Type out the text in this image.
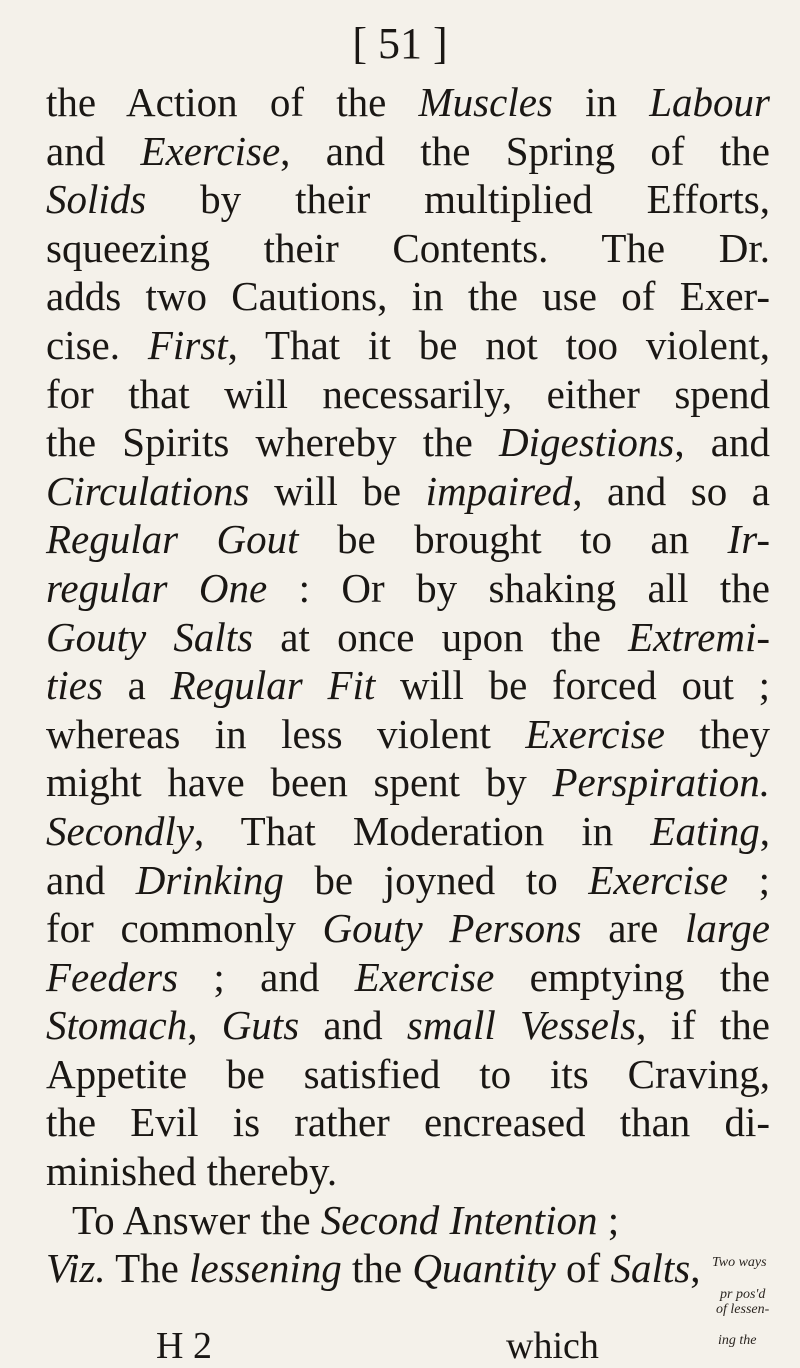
[ 51 ]
the Action of the Muscles in Labour
and Exercise, and the Spring of the
Solids by their multiplied Efforts,
squeezing their Contents. The Dr.
adds two Cautions, in the use of Exer-
cise. First, That it be not too violent,
for that will necessarily, either spend
the Spirits whereby the Digestions, and
Circulations will be impaired, and so a
Regular Gout be brought to an Ir-
regular One : Or by shaking all the
Gouty Salts at once upon the Extremi-
ties a Regular Fit will be forced out ;
whereas in less violent Exercise they
might have been spent by Perspiration.
Secondly, That Moderation in Eating,
and Drinking be joyned to Exercise ;
for commonly Gouty Persons are large
Feeders ; and Exercise emptying the
Stomach, Guts and small Vessels, if the
Appetite be satisfied to its Craving,
the Evil is rather encreased than di-
minished thereby.
To Answer the Second Intention ;
Viz. The lessening the Quantity of Salts, Two ways
pr pos'd
of lessen-
ing the
H 2	which
